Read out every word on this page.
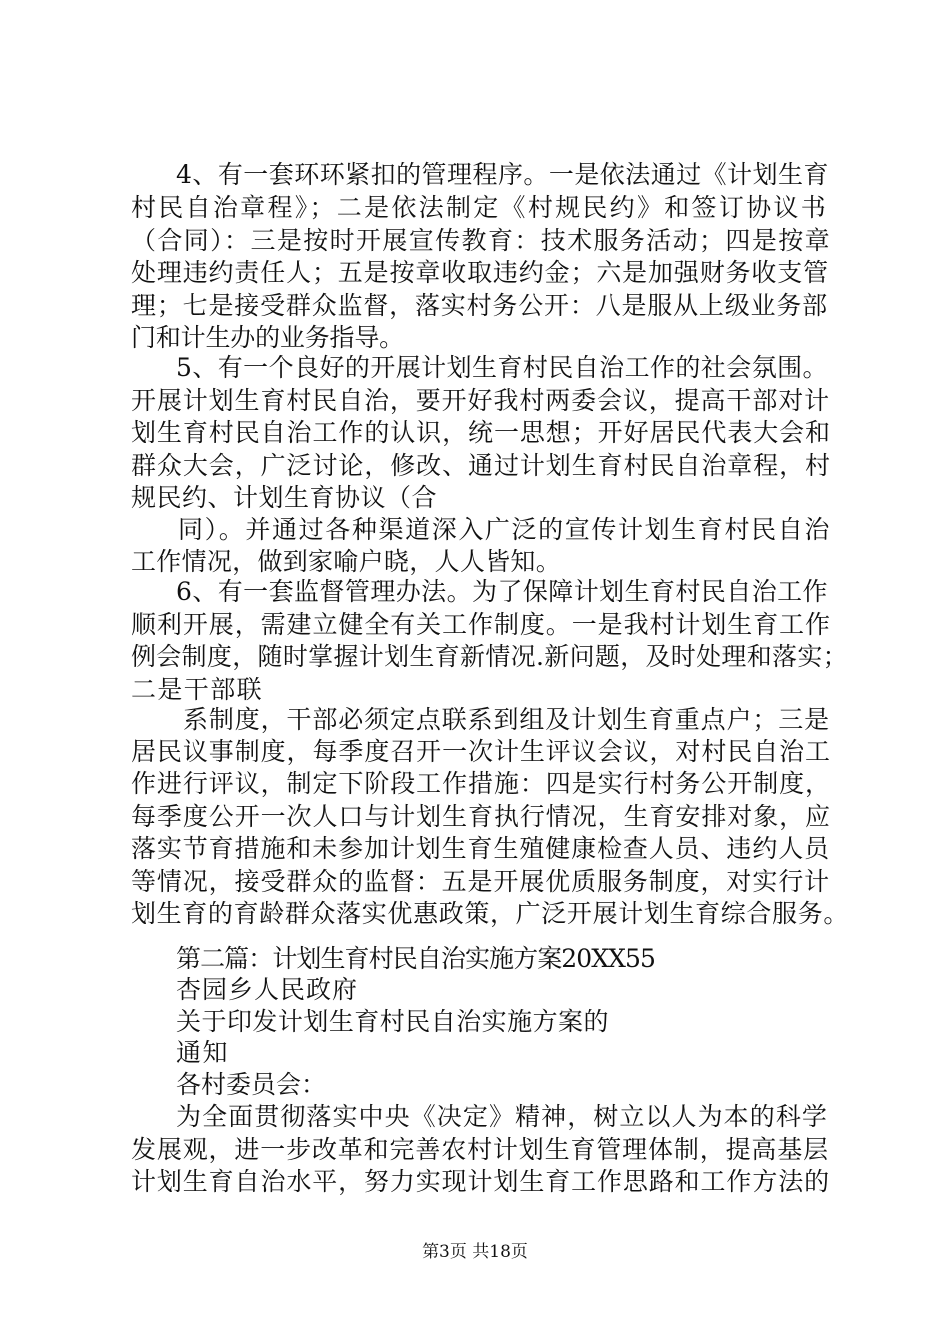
4、有一套环环紧扣的管理程序。一是依法通过《计划生育
村民自治章程》；二是依法制定《村规民约》和签订协议书
（合同）：三是按时开展宣传教育：技术服务活动；四是按章
处理违约责任人；五是按章收取违约金；六是加强财务收支管
理；七是接受群众监督，落实村务公开：八是服从上级业务部
门和计生办的业务指导。
5、有一个良好的开展计划生育村民自治工作的社会氛围。
开展计划生育村民自治，要开好我村两委会议，提高干部对计
划生育村民自治工作的认识，统一思想；开好居民代表大会和
群众大会，广泛讨论，修改、通过计划生育村民自治章程，村
规民约、计划生育协议（合
同）。并通过各种渠道深入广泛的宣传计划生育村民自治
工作情况，做到家喻户晓，人人皆知。
6、有一套监督管理办法。为了保障计划生育村民自治工作
顺利开展，需建立健全有关工作制度。一是我村计划生育工作
例会制度，随时掌握计划生育新情况.新问题，及时处理和落实；
二是干部联
系制度，干部必须定点联系到组及计划生育重点户；三是
居民议事制度，每季度召开一次计生评议会议，对村民自治工
作进行评议，制定下阶段工作措施：四是实行村务公开制度，
每季度公开一次人口与计划生育执行情况，生育安排对象，应
落实节育措施和未参加计划生育生殖健康检查人员、违约人员
等情况，接受群众的监督：五是开展优质服务制度，对实行计
划生育的育龄群众落实优惠政策，广泛开展计划生育综合服务。
第二篇：计划生育村民自治实施方案20XX55
杏园乡人民政府
关于印发计划生育村民自治实施方案的
通知
各村委员会：
为全面贯彻落实中央《决定》精神，树立以人为本的科学
发展观，进一步改革和完善农村计划生育管理体制，提高基层
计划生育自治水平，努力实现计划生育工作思路和工作方法的
第3页 共18页
